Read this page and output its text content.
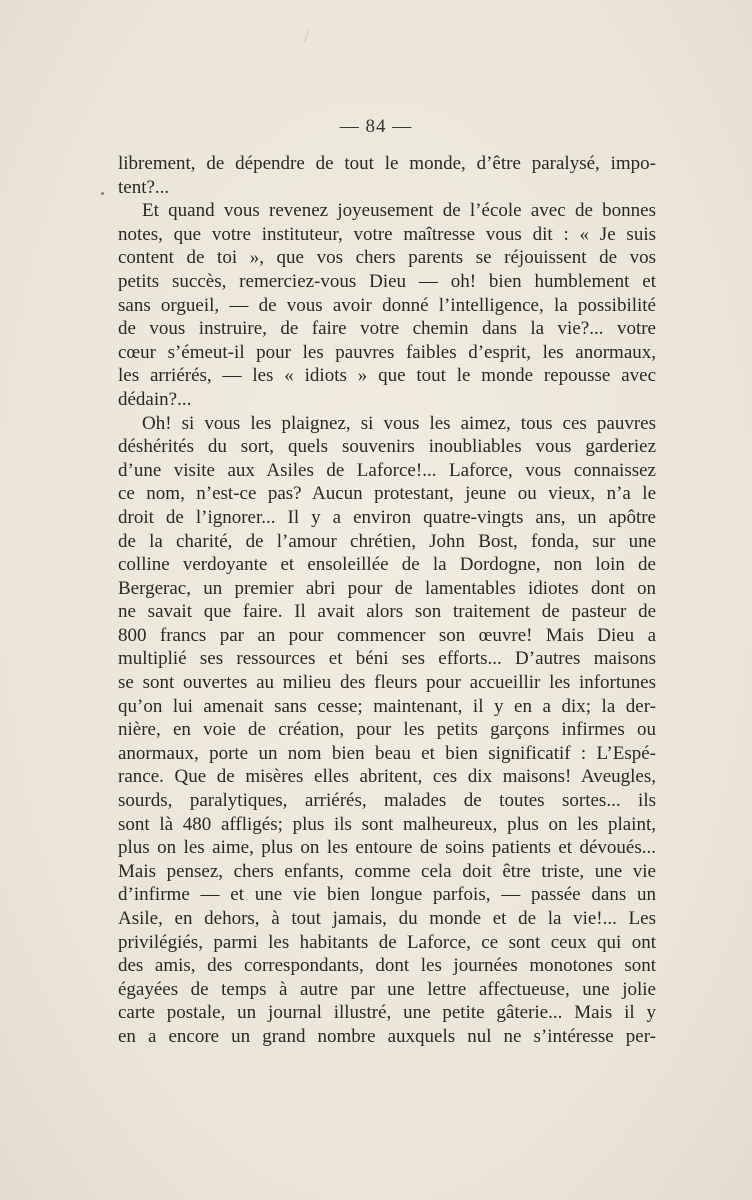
— 84 —
librement, de dépendre de tout le monde, d’être paralysé, impo-
tent?...
Et quand vous revenez joyeusement de l’école avec de bonnes
notes, que votre instituteur, votre maîtresse vous dit : « Je suis
content de toi », que vos chers parents se réjouissent de vos
petits succès, remerciez-vous Dieu — oh! bien humblement et
sans orgueil, — de vous avoir donné l’intelligence, la possibilité
de vous instruire, de faire votre chemin dans la vie?... votre
cœur s’émeut-il pour les pauvres faibles d’esprit, les anormaux,
les arriérés, — les « idiots » que tout le monde repousse avec
dédain?...
Oh! si vous les plaignez, si vous les aimez, tous ces pauvres
déshérités du sort, quels souvenirs inoubliables vous garderiez
d’une visite aux Asiles de Laforce!... Laforce, vous connaissez
ce nom, n’est-ce pas? Aucun protestant, jeune ou vieux, n’a le
droit de l’ignorer... Il y a environ quatre-vingts ans, un apôtre
de la charité, de l’amour chrétien, John Bost, fonda, sur une
colline verdoyante et ensoleillée de la Dordogne, non loin de
Bergerac, un premier abri pour de lamentables idiotes dont on
ne savait que faire. Il avait alors son traitement de pasteur de
800 francs par an pour commencer son œuvre! Mais Dieu a
multiplié ses ressources et béni ses efforts... D’autres maisons
se sont ouvertes au milieu des fleurs pour accueillir les infortunes
qu’on lui amenait sans cesse; maintenant, il y en a dix; la der-
nière, en voie de création, pour les petits garçons infirmes ou
anormaux, porte un nom bien beau et bien significatif : L’Espé-
rance. Que de misères elles abritent, ces dix maisons! Aveugles,
sourds, paralytiques, arriérés, malades de toutes sortes... ils
sont là 480 affligés; plus ils sont malheureux, plus on les plaint,
plus on les aime, plus on les entoure de soins patients et dévoués...
Mais pensez, chers enfants, comme cela doit être triste, une vie
d’infirme — et une vie bien longue parfois, — passée dans un
Asile, en dehors, à tout jamais, du monde et de la vie!... Les
privilégiés, parmi les habitants de Laforce, ce sont ceux qui ont
des amis, des correspondants, dont les journées monotones sont
égayées de temps à autre par une lettre affectueuse, une jolie
carte postale, un journal illustré, une petite gâterie... Mais il y
en a encore un grand nombre auxquels nul ne s’intéresse per-
